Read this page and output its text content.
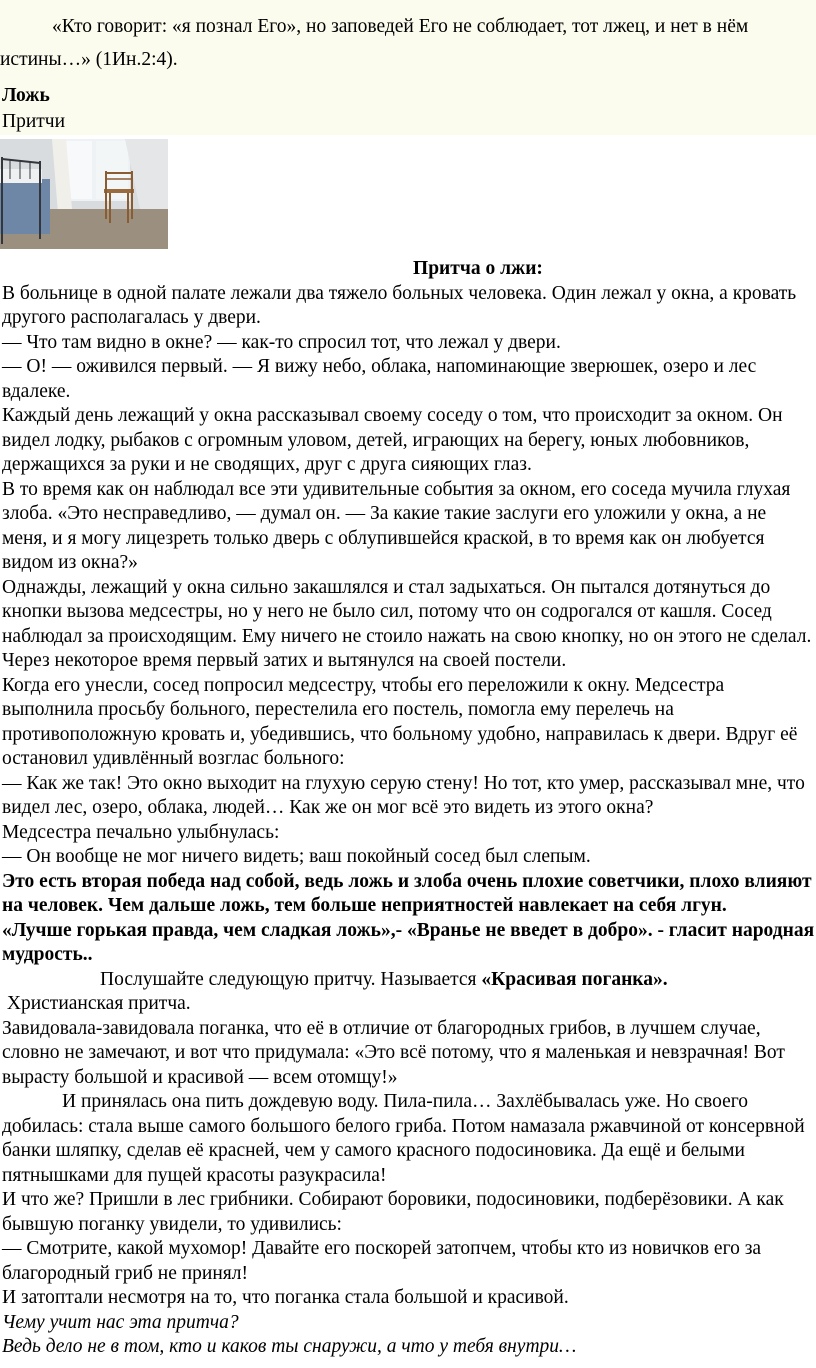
«Кто говорит: «я познал Его», но заповедей Его не соблюдает, тот лжец, и нет в нём истины…» (1Ин.2:4).

Ложь
Притчи

Притча о лжи:

В больнице в одной палате лежали два тяжело больных человека. Один лежал у окна, а кровать другого располагалась у двери.

— Что там видно в окне? — как-то спросил тот, что лежал у двери.

— О! — оживился первый. — Я вижу небо, облака, напоминающие зверюшек, озеро и лес вдалеке.

Каждый день лежащий у окна рассказывал своему соседу о том, что происходит за окном. Он видел лодку, рыбаков с огромным уловом, детей, играющих на берегу, юных любовников, держащихся за руки и не сводящих, друг с друга сияющих глаз.

В то время как он наблюдал все эти удивительные события за окном, его соседа мучила глухая злоба. «Это несправедливо, — думал он. — За какие такие заслуги его уложили у окна, а не меня, и я могу лицезреть только дверь с облупившейся краской, в то время как он любуется видом из окна?»

Однажды, лежащий у окна сильно закашлялся и стал задыхаться. Он пытался дотянуться до кнопки вызова медсестры, но у него не было сил, потому что он содрогался от кашля. Сосед наблюдал за происходящим. Ему ничего не стоило нажать на свою кнопку, но он этого не сделал.

Через некоторое время первый затих и вытянулся на своей постели.

Когда его унесли, сосед попросил медсестру, чтобы его переложили к окну. Медсестра выполнила просьбу больного, перестелила его постель, помогла ему перелечь на противоположную кровать и, убедившись, что больному удобно, направилась к двери. Вдруг её остановил удивлённый возглас больного:

— Как же так! Это окно выходит на глухую серую стену! Но тот, кто умер, рассказывал мне, что видел лес, озеро, облака, людей… Как же он мог всё это видеть из этого окна?

Медсестра печально улыбнулась:

— Он вообще не мог ничего видеть; ваш покойный сосед был слепым.

Это есть вторая победа над собой, ведь ложь и злоба очень плохие советчики, плохо влияют на человек. Чем дальше ложь, тем больше неприятностей навлекает на себя лгун.

«Лучше горькая правда, чем сладкая ложь»,- «Вранье не введет в добро». - гласит народная мудрость..

Послушайте следующую притчу. Называется «Красивая поганка».

Христианская притча.

Завидовала-завидовала поганка, что её в отличие от благородных грибов, в лучшем случае, словно не замечают, и вот что придумала: «Это всё потому, что я маленькая и невзрачная! Вот вырасту большой и красивой — всем отомщу!»

И принялась она пить дождевую воду. Пила-пила… Захлёбывалась уже. Но своего добилась: стала выше самого большого белого гриба. Потом намазала ржавчиной от консервной банки шляпку, сделав её красней, чем у самого красного подосиновика. Да ещё и белыми пятнышками для пущей красоты разукрасила!

И что же? Пришли в лес грибники. Собирают боровики, подосиновики, подберёзовики. А как бывшую поганку увидели, то удивились:

— Смотрите, какой мухомор! Давайте его поскорей затопчем, чтобы кто из новичков его за благородный гриб не принял!

И затоптали несмотря на то, что поганка стала большой и красивой.

Чему учит нас эта притча?

Ведь дело не в том, кто и каков ты снаружи, а что у тебя внутри…
